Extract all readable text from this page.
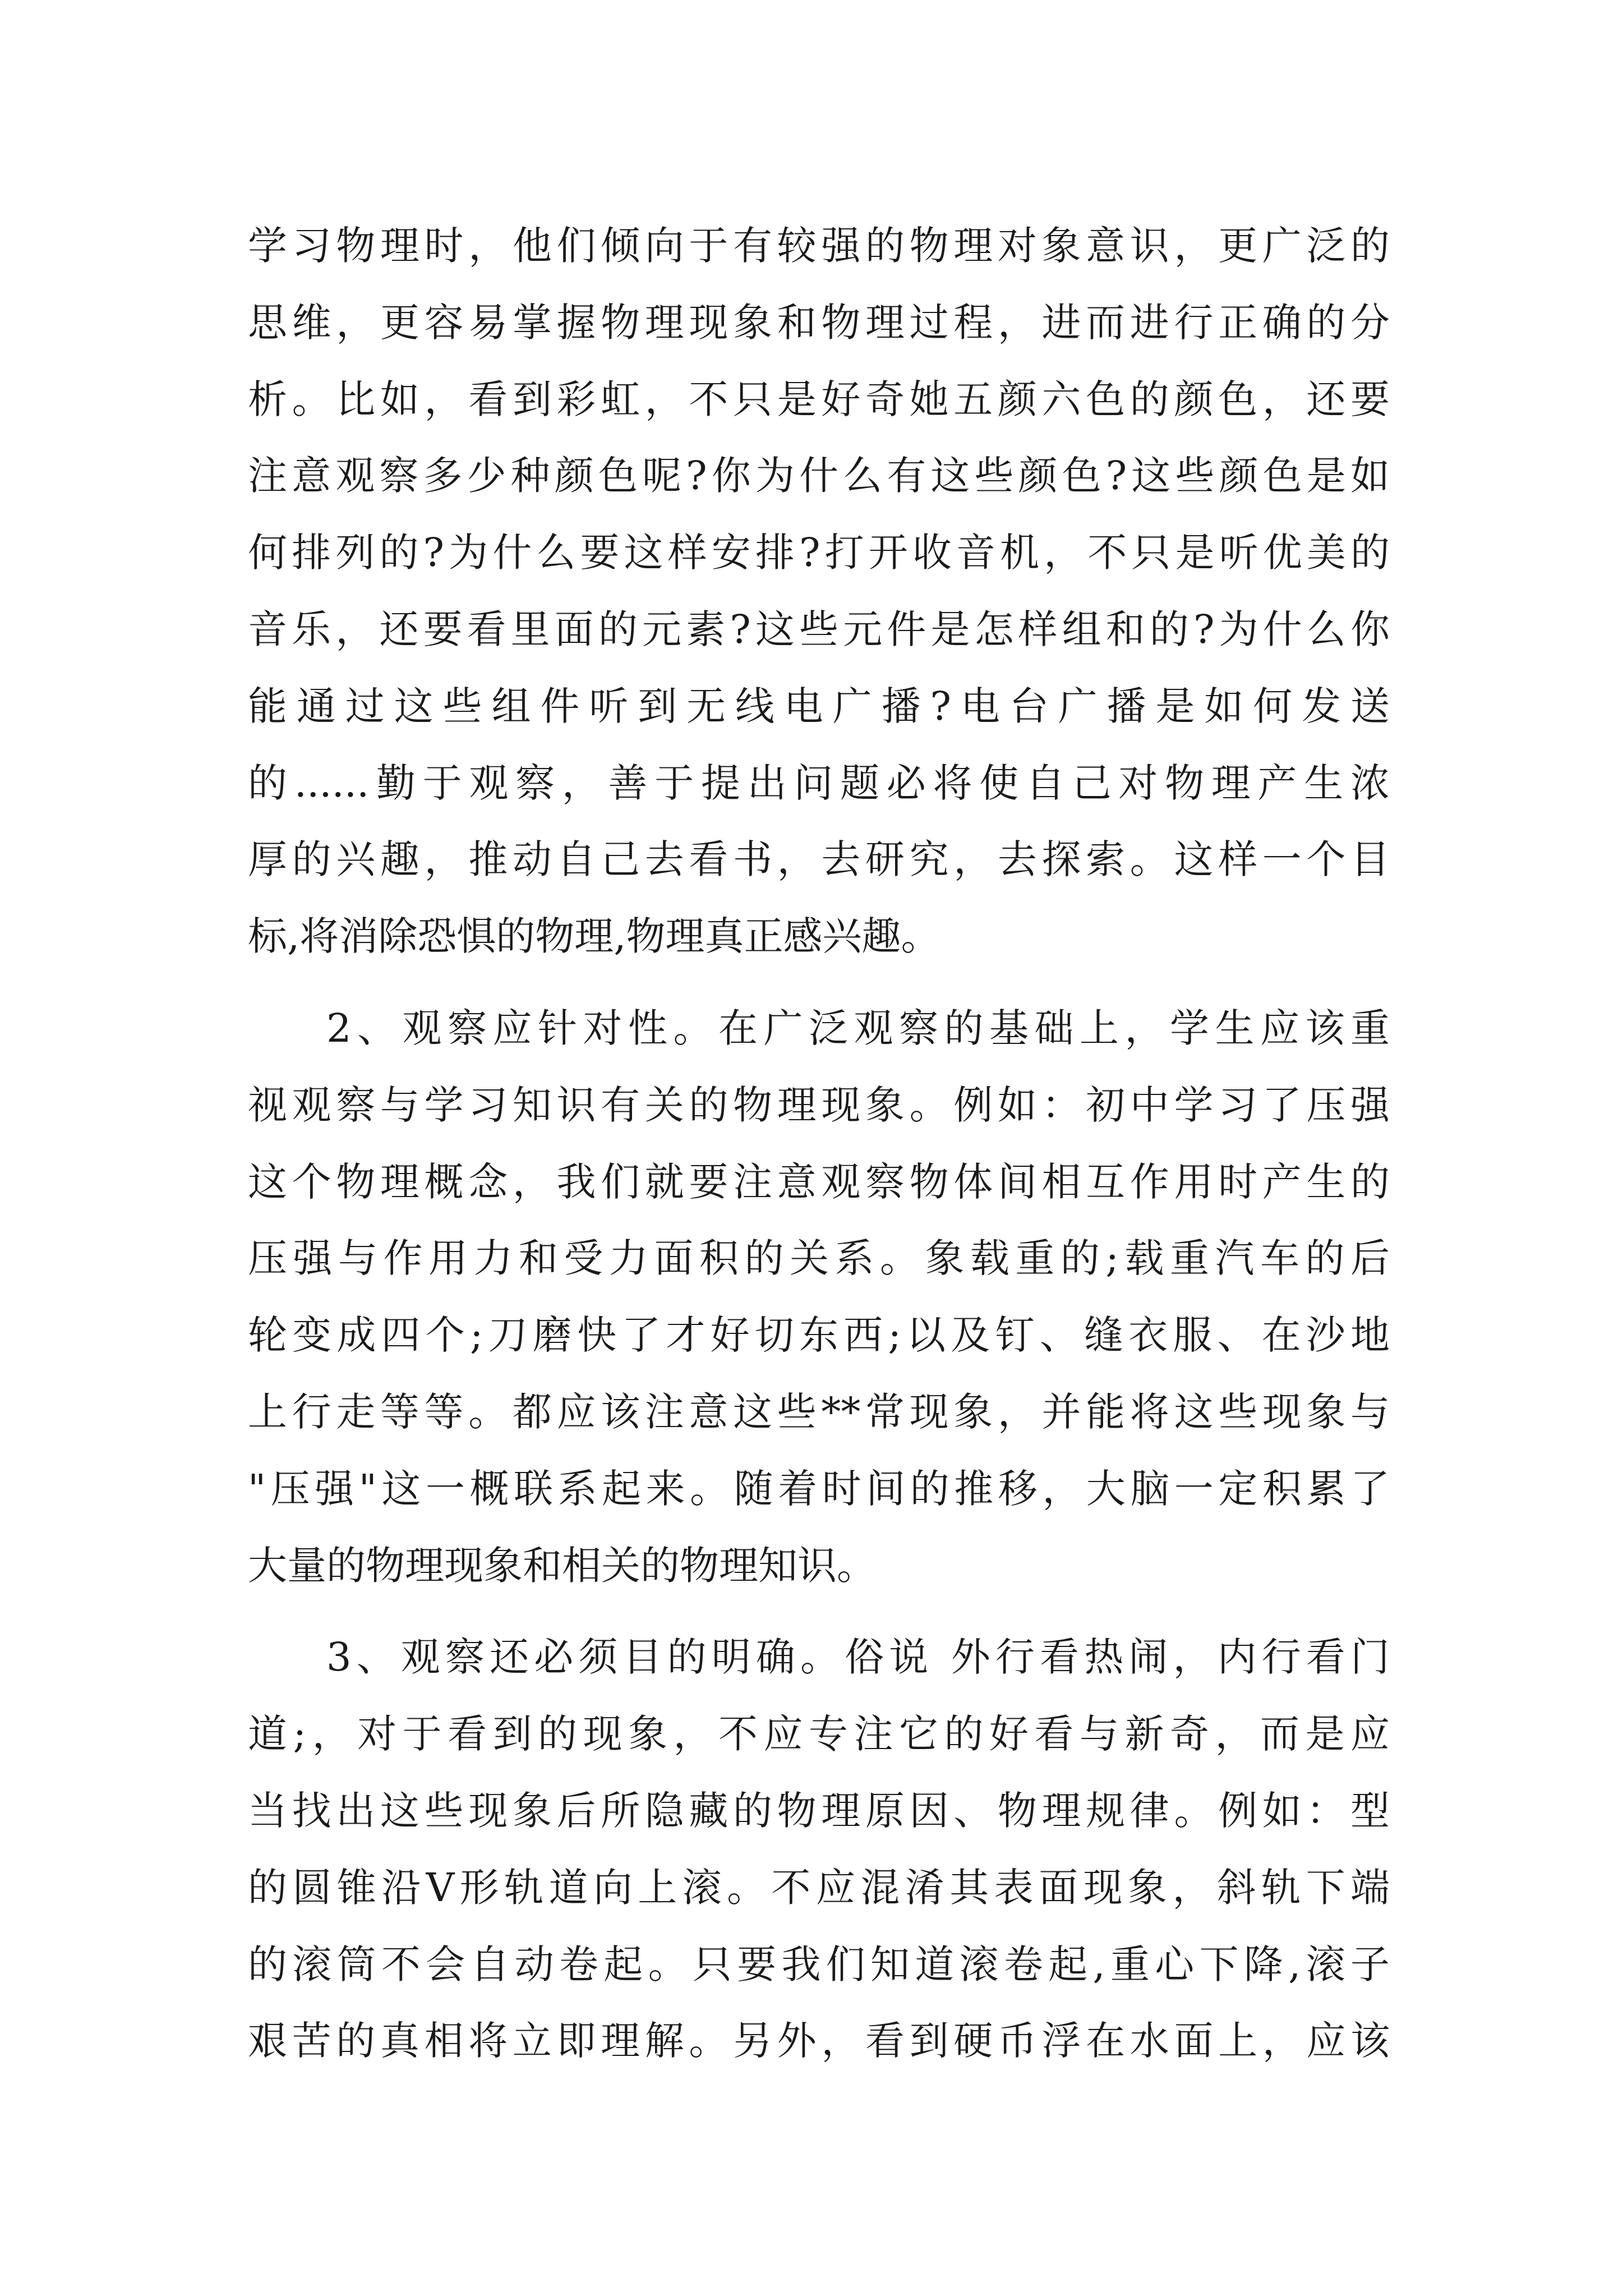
学习物理时，他们倾向于有较强的物理对象意识，更广泛的
思维，更容易掌握物理现象和物理过程，进而进行正确的分
析。比如，看到彩虹，不只是好奇她五颜六色的颜色，还要
注意观察多少种颜色呢?你为什么有这些颜色?这些颜色是如
何排列的?为什么要这样安排?打开收音机，不只是听优美的
音乐，还要看里面的元素?这些元件是怎样组和的?为什么你
能通过这些组件听到无线电广播?电台广播是如何发送
的......勤于观察，善于提出问题必将使自己对物理产生浓
厚的兴趣，推动自己去看书，去研究，去探索。这样一个目
标,将消除恐惧的物理,物理真正感兴趣。
2、观察应针对性。在广泛观察的基础上，学生应该重
视观察与学习知识有关的物理现象。例如：初中学习了压强
这个物理概念，我们就要注意观察物体间相互作用时产生的
压强与作用力和受力面积的关系。象载重的;载重汽车的后
轮变成四个;刀磨快了才好切东西;以及钉、缝衣服、在沙地
上行走等等。都应该注意这些**常现象，并能将这些现象与
"压强"这一概联系起来。随着时间的推移，大脑一定积累了
大量的物理现象和相关的物理知识。
3、观察还必须目的明确。俗说 外行看热闹，内行看门
道;，对于看到的现象，不应专注它的好看与新奇，而是应
当找出这些现象后所隐藏的物理原因、物理规律。例如：型
的圆锥沿V形轨道向上滚。不应混淆其表面现象，斜轨下端
的滚筒不会自动卷起。只要我们知道滚卷起,重心下降,滚子
艰苦的真相将立即理解。另外，看到硬币浮在水面上，应该
